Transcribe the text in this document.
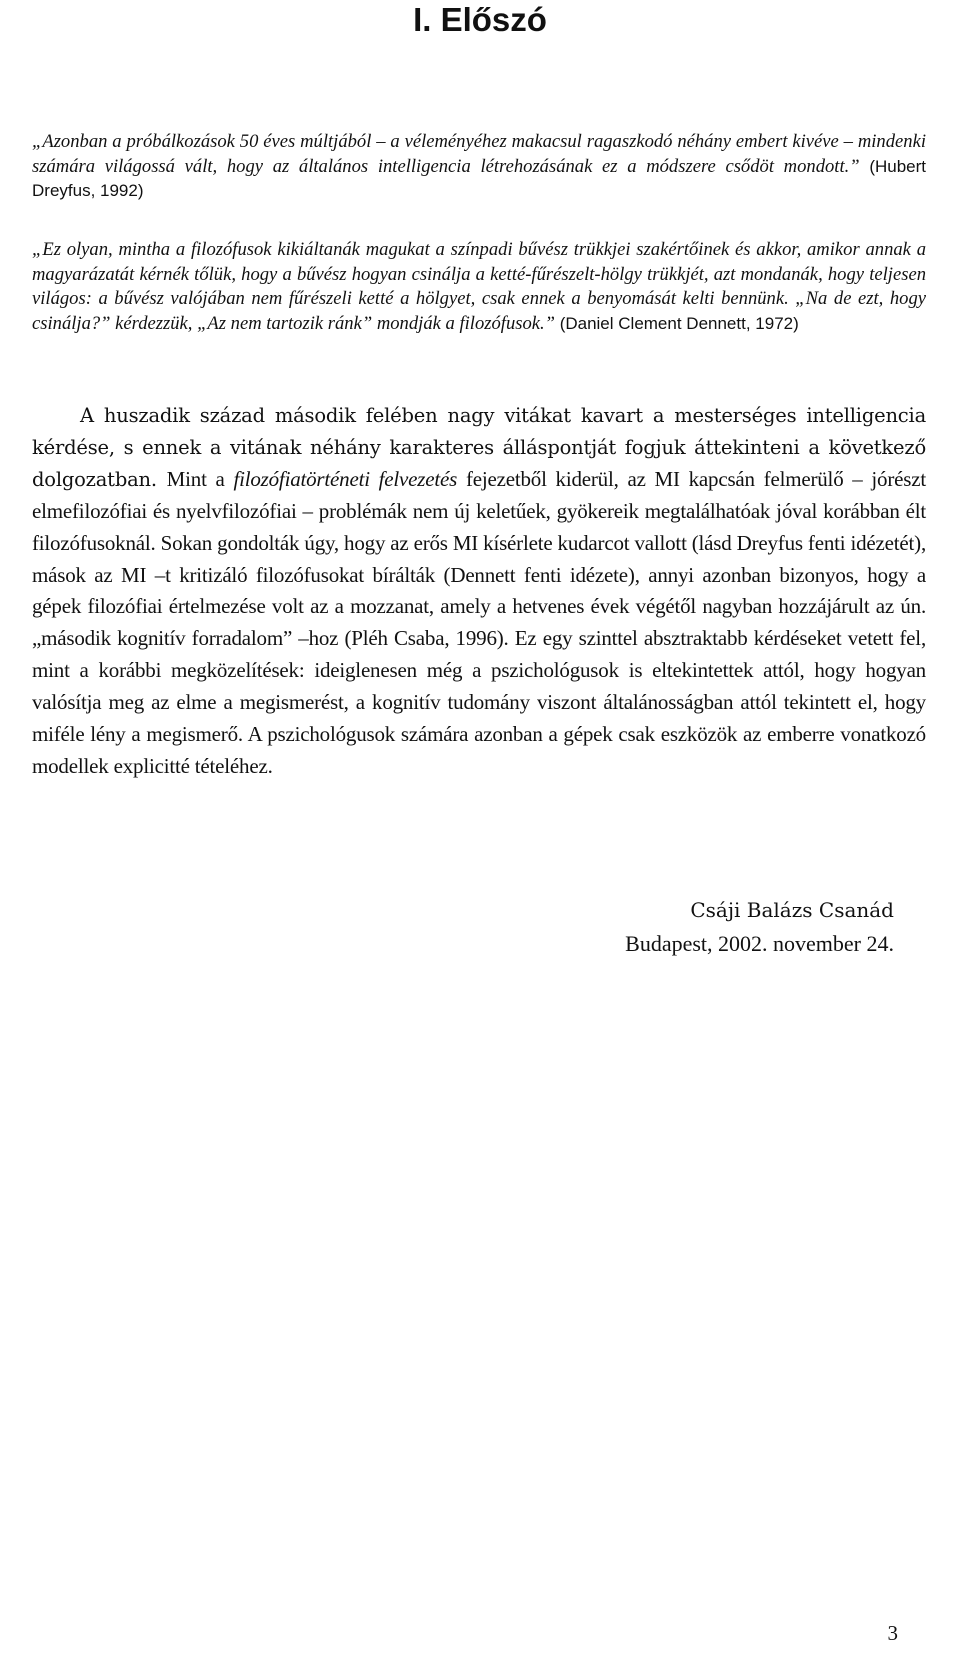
I. Előszó

„Azonban a próbálkozások 50 éves múltjából – a véleményéhez makacsul ragaszkodó néhány embert kivéve – mindenki számára világossá vált, hogy az általános intelligencia létrehozásának ez a módszere csődöt mondott.” (Hubert Dreyfus, 1992)

„Ez olyan, mintha a filozófusok kikiáltanák magukat a színpadi bűvész trükkjei szakértőinek és akkor, amikor annak a magyarázatát kérnék tőlük, hogy a bűvész hogyan csinálja a ketté-fűrészelt-hölgy trükkjét, azt mondanák, hogy teljesen világos: a bűvész valójában nem fűrészeli ketté a hölgyet, csak ennek a benyomását kelti bennünk. „Na de ezt, hogy csinálja?” kérdezzük, „Az nem tartozik ránk” mondják a filozófusok.” (Daniel Clement Dennett, 1972)

A huszadik század második felében nagy vitákat kavart a mesterséges intelligencia kérdése, s ennek a vitának néhány karakteres álláspontját fogjuk áttekinteni a következő dolgozatban. Mint a filozófiatörténeti felvezetés fejezetből kiderül, az MI kapcsán felmerülő – jórészt elmefilozófiai és nyelvfilozófiai – problémák nem új keletűek, gyökereik megtalálhatóak jóval korábban élt filozófusoknál. Sokan gondolták úgy, hogy az erős MI kísérlete kudarcot vallott (lásd Dreyfus fenti idézetét), mások az MI –t kritizáló filozófusokat bírálták (Dennett fenti idézete), annyi azonban bizonyos, hogy a gépek filozófiai értelmezése volt az a mozzanat, amely a hetvenes évek végétől nagyban hozzájárult az ún. „második kognitív forradalom” –hoz (Pléh Csaba, 1996). Ez egy szinttel absztraktabb kérdéseket vetett fel, mint a korábbi megközelítések: ideiglenesen még a pszichológusok is eltekintettek attól, hogy hogyan valósítja meg az elme a megismerést, a kognitív tudomány viszont általánosságban attól tekintett el, hogy miféle lény a megismerő. A pszichológusok számára azonban a gépek csak eszközök az emberre vonatkozó modellek explicitté tételéhez.

Csáji Balázs Csanád
Budapest, 2002. november 24.
3
